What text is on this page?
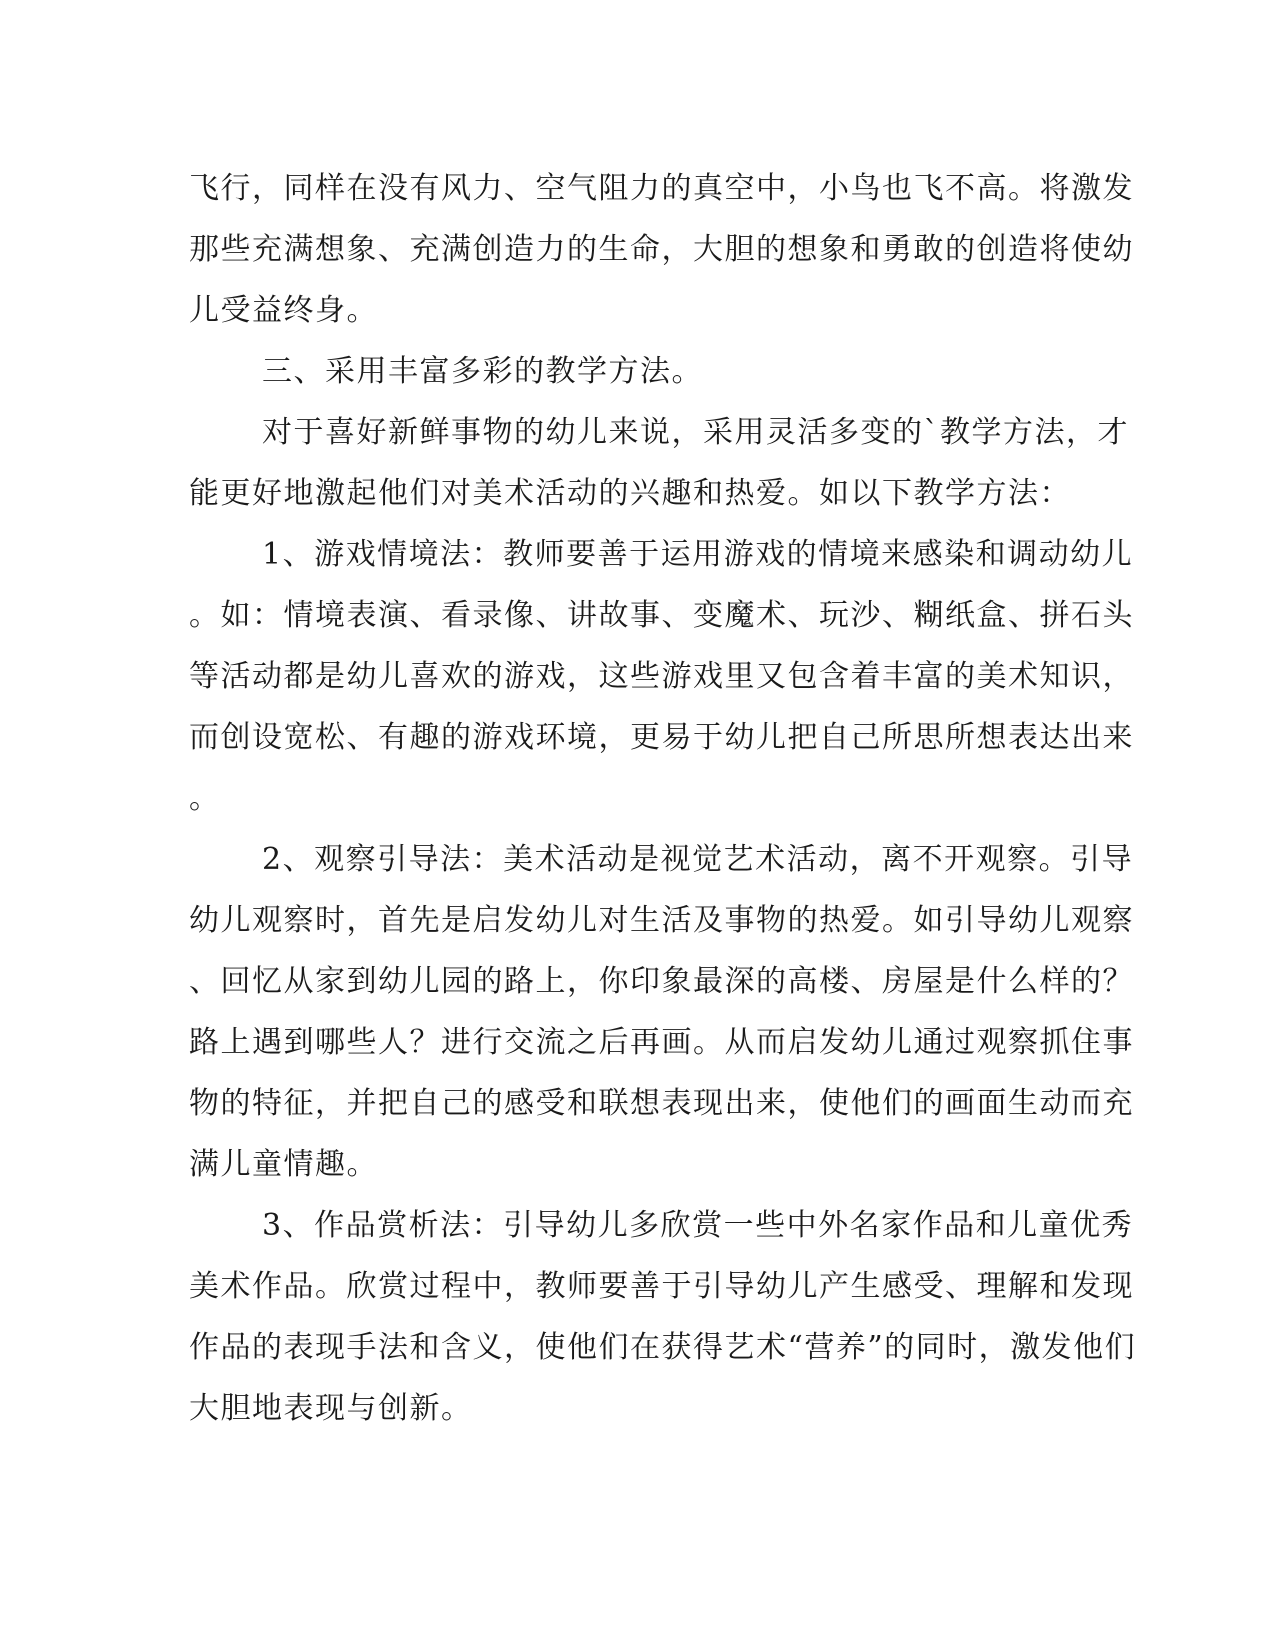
飞行，同样在没有风力、空气阻力的真空中，小鸟也飞不高。将激发
那些充满想象、充满创造力的生命，大胆的想象和勇敢的创造将使幼
儿受益终身。
三、采用丰富多彩的教学方法。
对于喜好新鲜事物的幼儿来说，采用灵活多变的`教学方法，才
能更好地激起他们对美术活动的兴趣和热爱。如以下教学方法：
1、游戏情境法：教师要善于运用游戏的情境来感染和调动幼儿
。如：情境表演、看录像、讲故事、变魔术、玩沙、糊纸盒、拼石头
等活动都是幼儿喜欢的游戏，这些游戏里又包含着丰富的美术知识，
而创设宽松、有趣的游戏环境，更易于幼儿把自己所思所想表达出来
。
2、观察引导法：美术活动是视觉艺术活动，离不开观察。引导
幼儿观察时，首先是启发幼儿对生活及事物的热爱。如引导幼儿观察
、回忆从家到幼儿园的路上，你印象最深的高楼、房屋是什么样的？
路上遇到哪些人？进行交流之后再画。从而启发幼儿通过观察抓住事
物的特征，并把自己的感受和联想表现出来，使他们的画面生动而充
满儿童情趣。
3、作品赏析法：引导幼儿多欣赏一些中外名家作品和儿童优秀
美术作品。欣赏过程中，教师要善于引导幼儿产生感受、理解和发现
作品的表现手法和含义，使他们在获得艺术“营养”的同时，激发他们
大胆地表现与创新。
